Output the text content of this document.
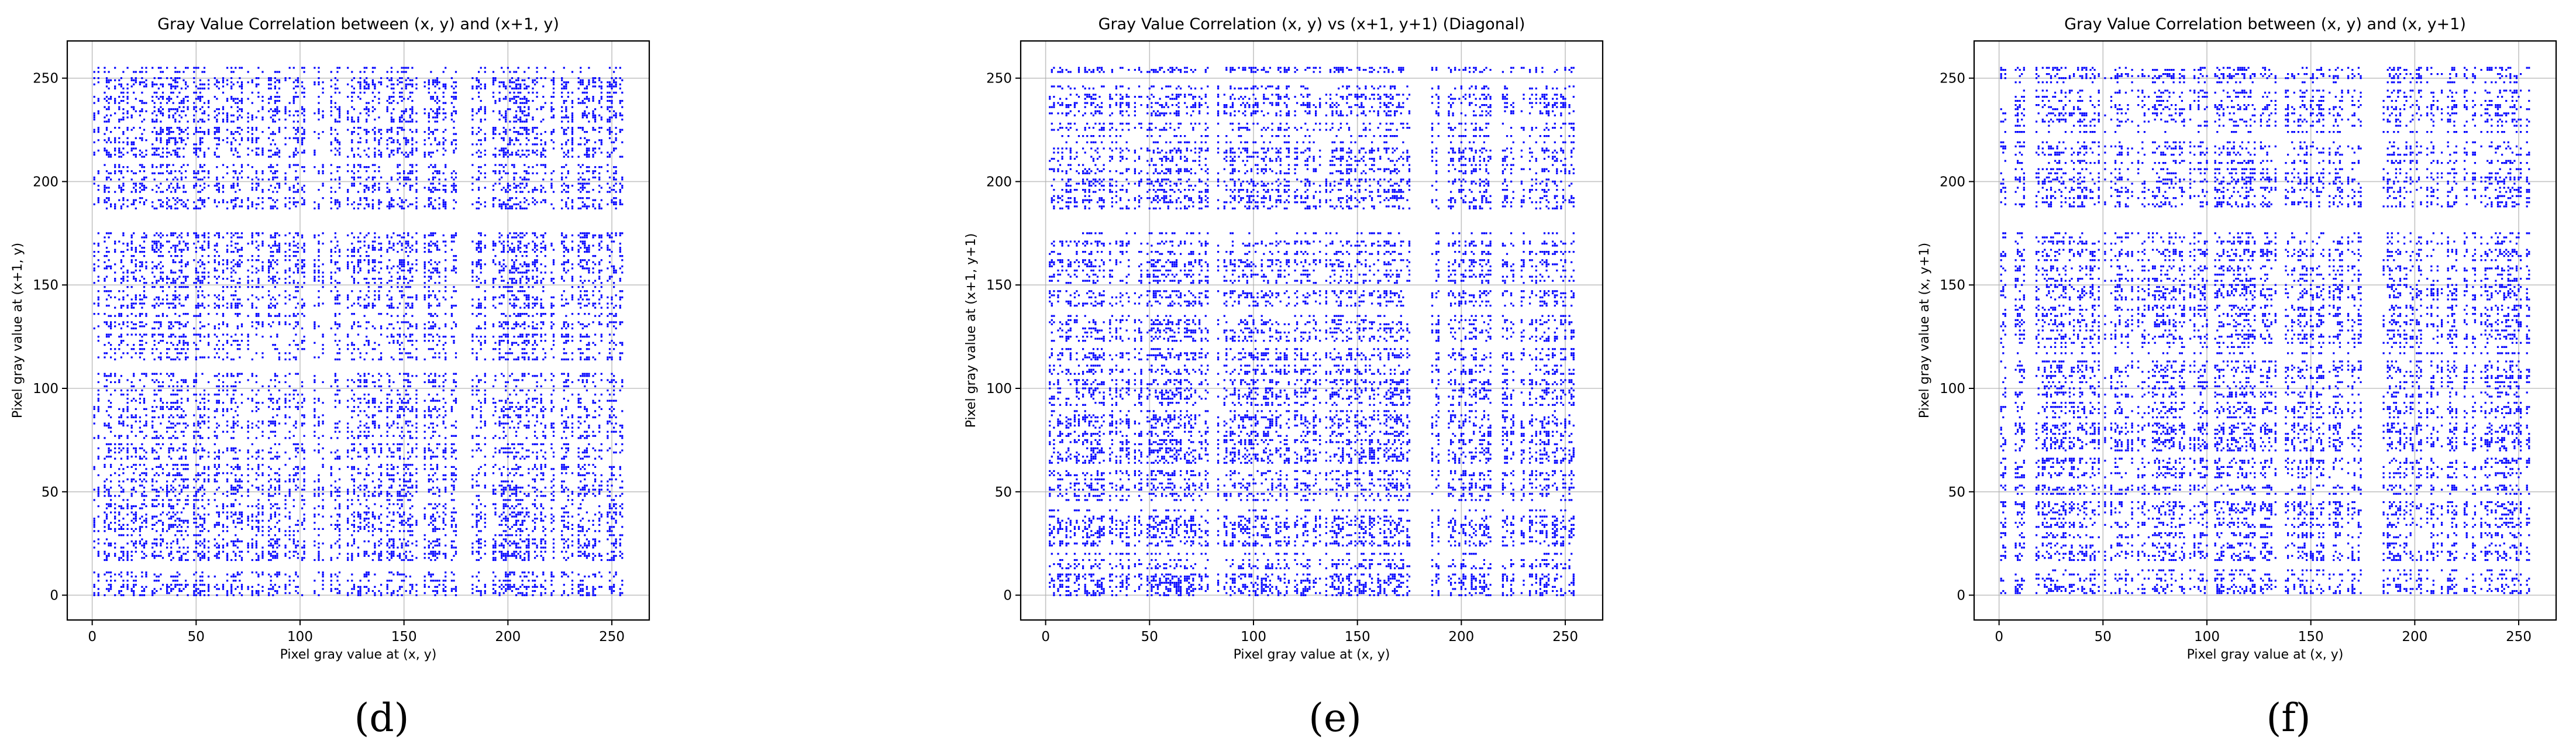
Gray Value Correlation between (x, y) and (x+1, y)
0	50	100	150	200	250
0
50
100
150
200
250
Pixel gray value at (x, y)
Pixel gray value at (x+1, y)
(d)
Gray Value Correlation (x, y) vs (x+1, y+1) (Diagonal)
0	50	100	150	200	250
0
50
100
150
200
250
Pixel gray value at (x, y)
Pixel gray value at (x+1, y+1)
(e)
Gray Value Correlation between (x, y) and (x, y+1)
0	50	100	150	200	250
0
50
100
150
200
250
Pixel gray value at (x, y)
Pixel gray value at (x, y+1)
(f)
